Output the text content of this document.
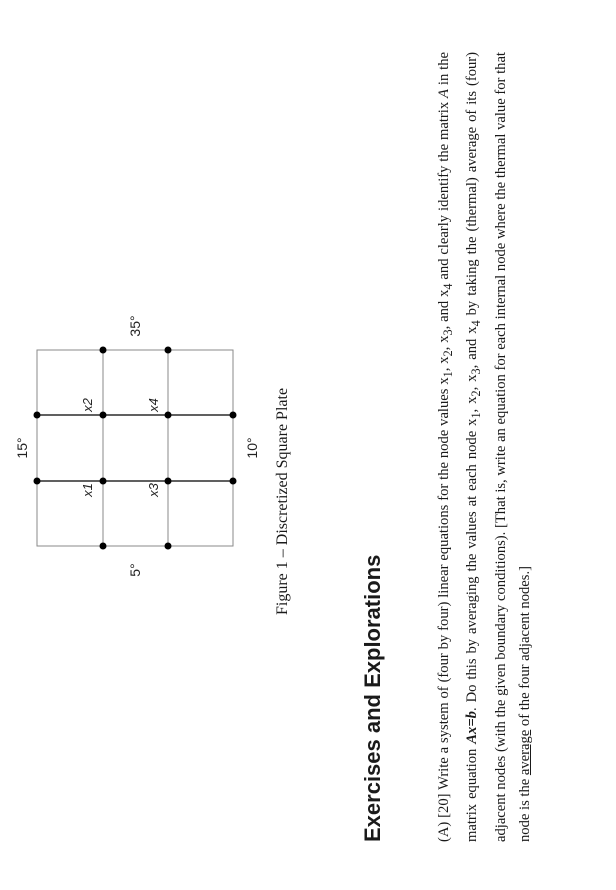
5°
15°
35°
10°
x1
x2
x3
x4	Figure 1 – Discretized Square Plate
Exercises and Explorations	(A) [20] Write a system of (four by four) linear equations for the node values $x_1$, $x_2$, $x_3$, and $x_4$ and clearly identify the matrix A in the matrix equation Ax=b. Do this by averaging the values at each node $x_1$, $x_2$, $x_3$, and $x_4$ by taking the (thermal) average of its (four) adjacent nodes (with the given boundary conditions). [That is, write an equation for each internal node where the thermal value for that node is the average of the four adjacent nodes.]
